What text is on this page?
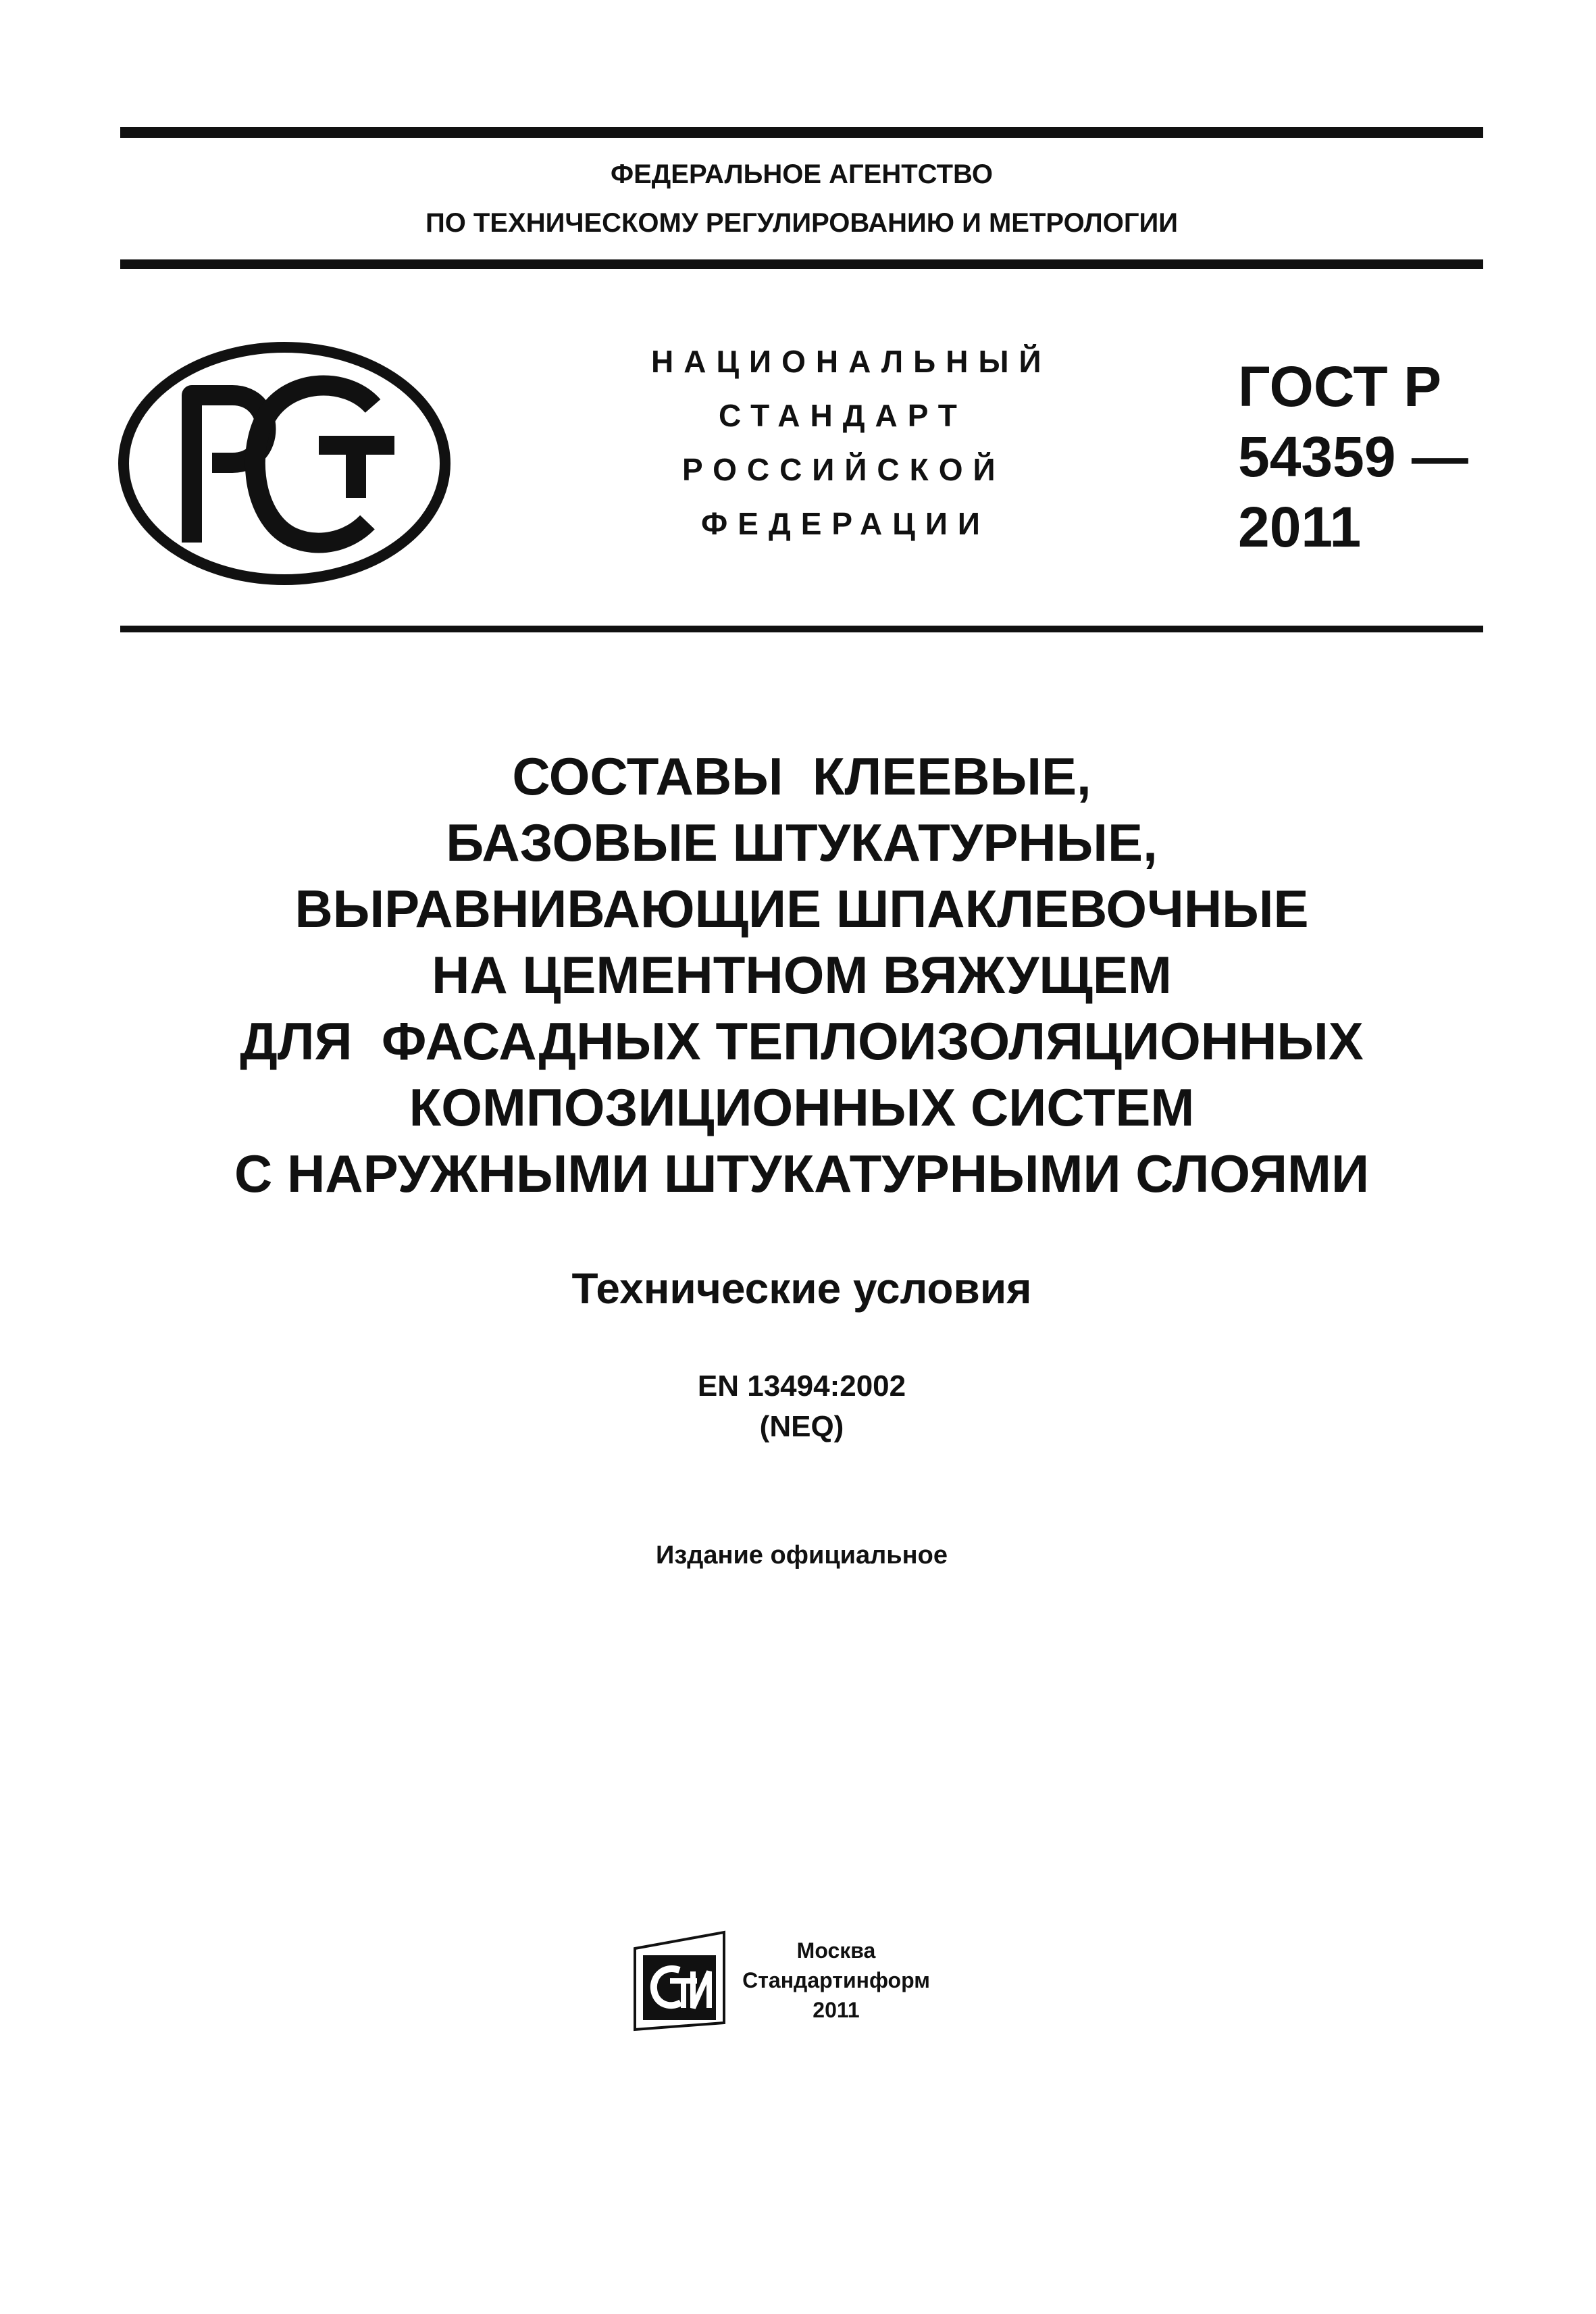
ФЕДЕРАЛЬНОЕ АГЕНТСТВО
ПО ТЕХНИЧЕСКОМУ РЕГУЛИРОВАНИЮ И МЕТРОЛОГИИ
НАЦИОНАЛЬНЫЙ
СТАНДАРТ
РОССИЙСКОЙ
ФЕДЕРАЦИИ
ГОСТ Р
54359 —
2011
СОСТАВЫ  КЛЕЕВЫЕ,
БАЗОВЫЕ ШТУКАТУРНЫЕ,
ВЫРАВНИВАЮЩИЕ ШПАКЛЕВОЧНЫЕ
НА ЦЕМЕНТНОМ ВЯЖУЩЕМ
ДЛЯ  ФАСАДНЫХ ТЕПЛОИЗОЛЯЦИОННЫХ
КОМПОЗИЦИОННЫХ СИСТЕМ
С НАРУЖНЫМИ ШТУКАТУРНЫМИ СЛОЯМИ
Технические условия
EN 13494:2002
(NEQ)
Издание официальное
Москва
Стандартинформ
2011
